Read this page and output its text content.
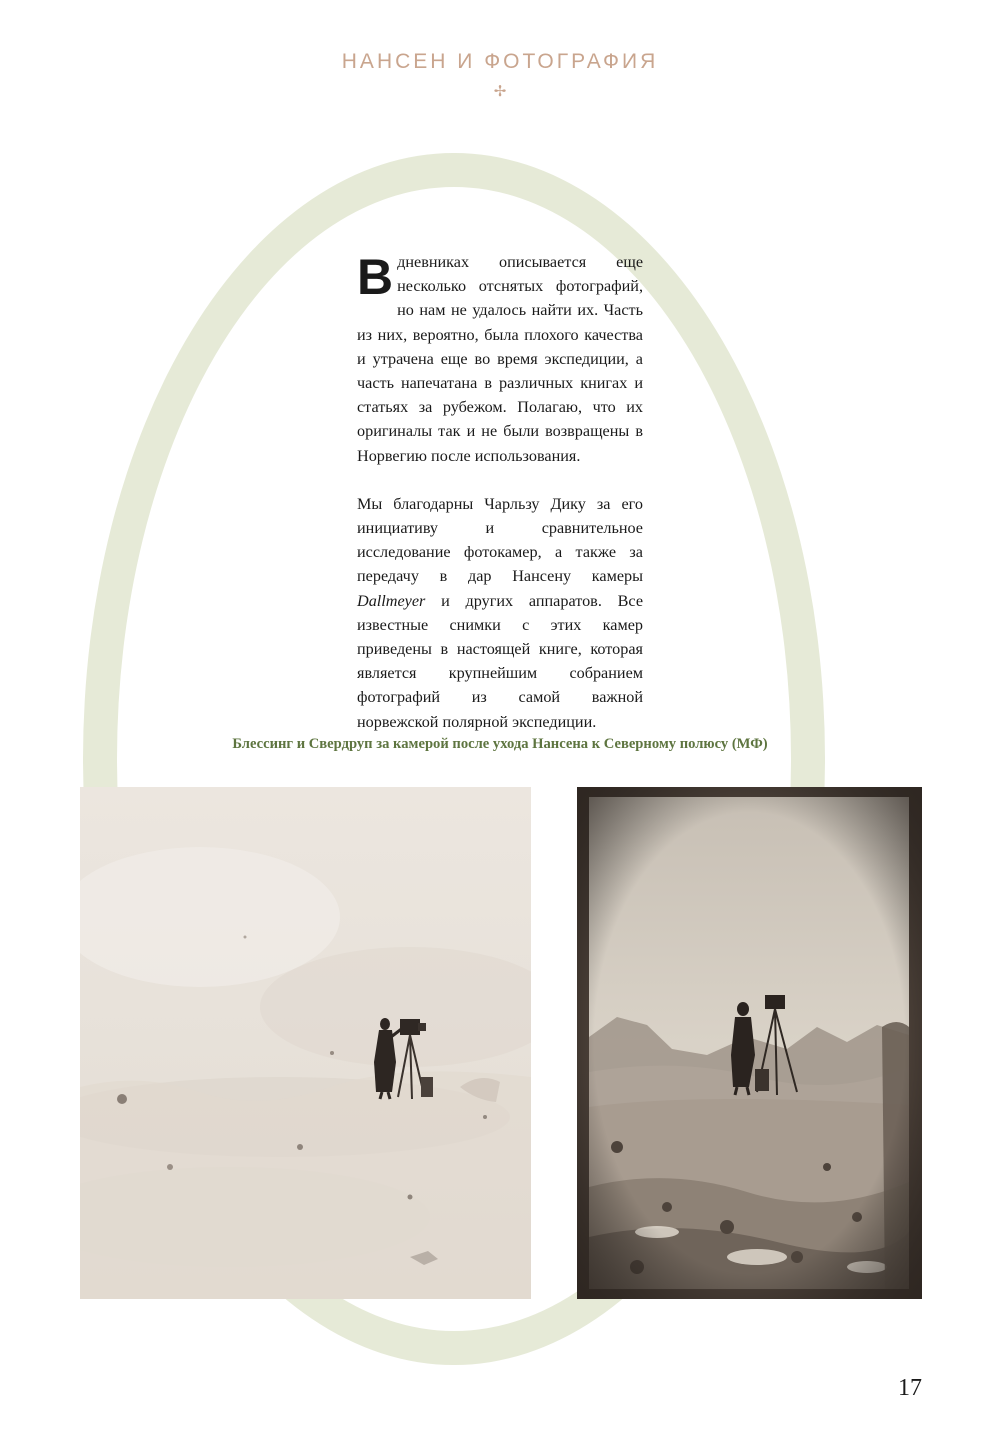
НАНСЕН И ФОТОГРАФИЯ
✢

Вдневниках описывается еще несколько отснятых фотографий, но нам не удалось найти их. Часть из них, вероятно, была плохого качества и утрачена еще во время экспедиции, а часть напечатана в различных книгах и статьях за рубежом. Полагаю, что их оригиналы так и не были возвращены в Норвегию после использования.

Мы благодарны Чарльзу Дику за его инициативу и сравнительное исследование фотокамер, а также за передачу в дар Нансену камеры Dallmeyer и других аппаратов. Все известные снимки с этих камер приведены в настоящей книге, которая является крупнейшим собранием фотографий из самой важной норвежской полярной экспедиции.

Блессинг и Свердруп за камерой после ухода Нансена к Северному полюсу (МФ)
17
